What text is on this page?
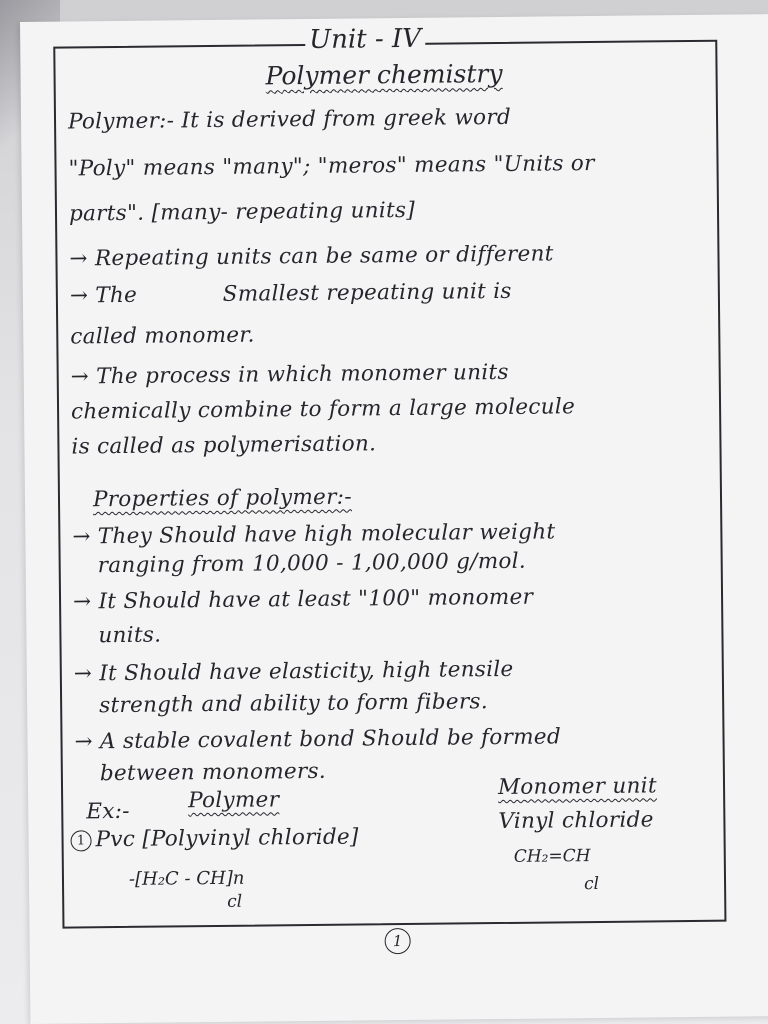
Unit - IV
Polymer chemistry
Polymer:- It is derived from greek word
"Poly" means "many"; "meros" means "Units or
parts". [many- repeating units]
→ Repeating units can be same or different
→ The            Smallest repeating unit is
called monomer.
→ The process in which monomer units
chemically combine to form a large molecule
is called as polymerisation.
Properties of polymer:-
→ They Should have high molecular weight
ranging from 10,000 - 1,00,000 g/mol.
→ It Should have at least "100" monomer
units.
→ It Should have elasticity, high tensile
strength and ability to form fibers.
→ A stable covalent bond Should be formed
between monomers.
Ex:-	Polymer
Monomer unit
1 Pvc [Polyvinyl chloride]
Vinyl chloride
CH₂=CH
cl
-[H₂C - CH]n
cl
1
